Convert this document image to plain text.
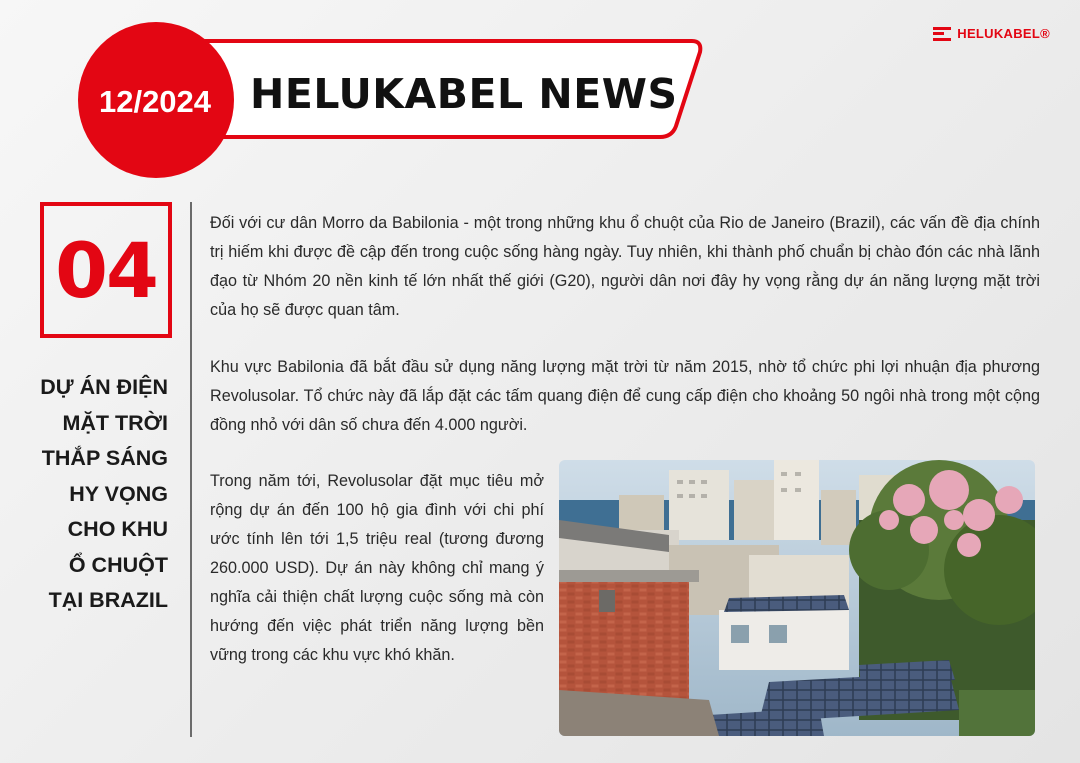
HELUKABEL®
12/2024 HELUKABEL NEWS
04
DỰ ÁN ĐIỆN
MẶT TRỜI
THẮP SÁNG
HY VỌNG
CHO KHU
Ổ CHUỘT
TẠI BRAZIL

Đối với cư dân Morro da Babilonia - một trong những khu ổ chuột của Rio de Janeiro (Brazil), các vấn đề địa chính trị hiếm khi được đề cập đến trong cuộc sống hàng ngày. Tuy nhiên, khi thành phố chuẩn bị chào đón các nhà lãnh đạo từ Nhóm 20 nền kinh tế lớn nhất thế giới (G20), người dân nơi đây hy vọng rằng dự án năng lượng mặt trời của họ sẽ được quan tâm.

Khu vực Babilonia đã bắt đầu sử dụng năng lượng mặt trời từ năm 2015, nhờ tổ chức phi lợi nhuận địa phương Revolusolar. Tổ chức này đã lắp đặt các tấm quang điện để cung cấp điện cho khoảng 50 ngôi nhà trong một cộng đồng nhỏ với dân số chưa đến 4.000 người.

Trong năm tới, Revolusolar đặt mục tiêu mở rộng dự án đến 100 hộ gia đình với chi phí ước tính lên tới 1,5 triệu real (tương đương 260.000 USD). Dự án này không chỉ mang ý nghĩa cải thiện chất lượng cuộc sống mà còn hướng đến việc phát triển năng lượng bền vững trong các khu vực khó khăn.
